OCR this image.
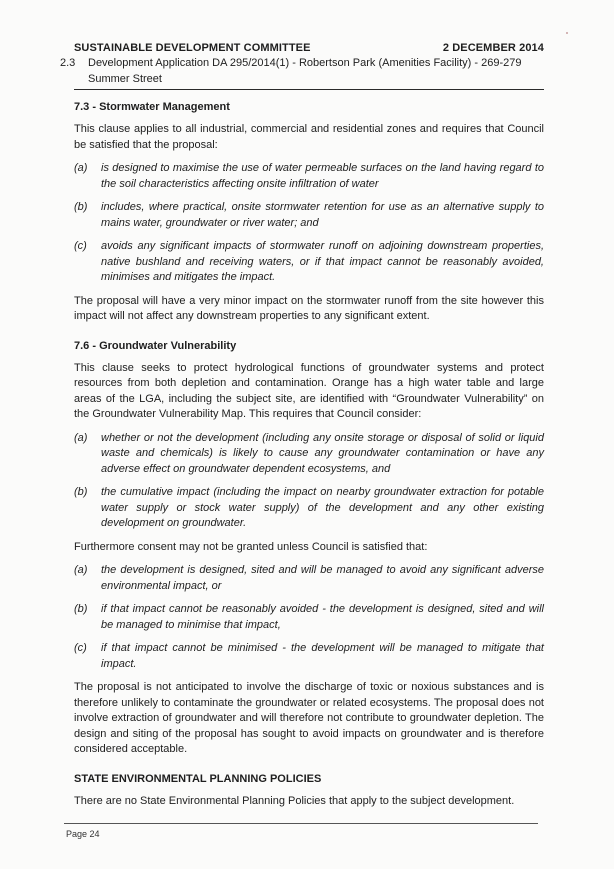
SUSTAINABLE DEVELOPMENT COMMITTEE	2 DECEMBER 2014
2.3 Development Application DA 295/2014(1) - Robertson Park (Amenities Facility) - 269-279 Summer Street
7.3 - Stormwater Management

This clause applies to all industrial, commercial and residential zones and requires that Council be satisfied that the proposal:

(a) is designed to maximise the use of water permeable surfaces on the land having regard to the soil characteristics affecting onsite infiltration of water
(b) includes, where practical, onsite stormwater retention for use as an alternative supply to mains water, groundwater or river water; and
(c) avoids any significant impacts of stormwater runoff on adjoining downstream properties, native bushland and receiving waters, or if that impact cannot be reasonably avoided, minimises and mitigates the impact.

The proposal will have a very minor impact on the stormwater runoff from the site however this impact will not affect any downstream properties to any significant extent.

7.6 - Groundwater Vulnerability

This clause seeks to protect hydrological functions of groundwater systems and protect resources from both depletion and contamination. Orange has a high water table and large areas of the LGA, including the subject site, are identified with “Groundwater Vulnerability” on the Groundwater Vulnerability Map. This requires that Council consider:

(a) whether or not the development (including any onsite storage or disposal of solid or liquid waste and chemicals) is likely to cause any groundwater contamination or have any adverse effect on groundwater dependent ecosystems, and
(b) the cumulative impact (including the impact on nearby groundwater extraction for potable water supply or stock water supply) of the development and any other existing development on groundwater.

Furthermore consent may not be granted unless Council is satisfied that:

(a) the development is designed, sited and will be managed to avoid any significant adverse environmental impact, or
(b) if that impact cannot be reasonably avoided - the development is designed, sited and will be managed to minimise that impact,
(c) if that impact cannot be minimised - the development will be managed to mitigate that impact.

The proposal is not anticipated to involve the discharge of toxic or noxious substances and is therefore unlikely to contaminate the groundwater or related ecosystems. The proposal does not involve extraction of groundwater and will therefore not contribute to groundwater depletion. The design and siting of the proposal has sought to avoid impacts on groundwater and is therefore considered acceptable.

STATE ENVIRONMENTAL PLANNING POLICIES

There are no State Environmental Planning Policies that apply to the subject development.

Page 24
